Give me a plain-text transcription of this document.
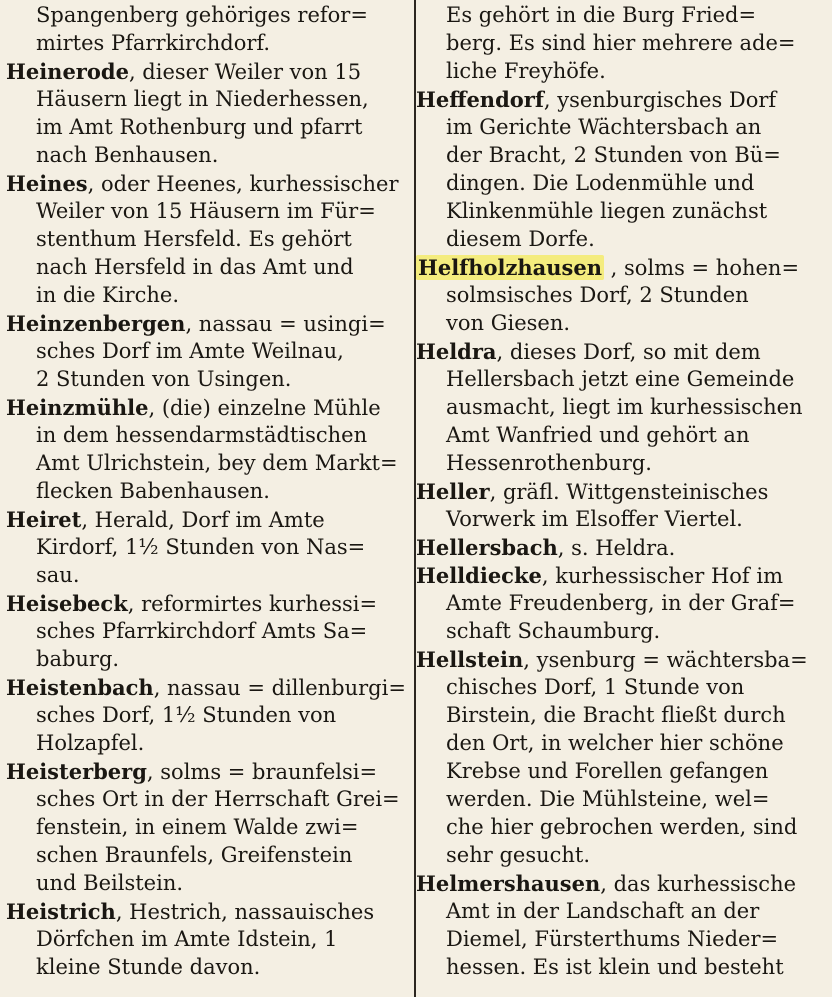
Spangenberg gehöriges refor=
mirtes Pfarrkirchdorf.
Heinerode, dieser Weiler von 15
Häusern liegt in Niederhessen,
im Amt Rothenburg und pfarrt
nach Benhausen.
Heines, oder Heenes, kurhessischer
Weiler von 15 Häusern im Für=
stenthum Hersfeld. Es gehört
nach Hersfeld in das Amt und
in die Kirche.
Heinzenbergen, nassau = usingi=
sches Dorf im Amte Weilnau,
2 Stunden von Usingen.
Heinzmühle, (die) einzelne Mühle
in dem hessendarmstädtischen
Amt Ulrichstein, bey dem Markt=
flecken Babenhausen.
Heiret, Herald, Dorf im Amte
Kirdorf, 1½ Stunden von Nas=
sau.
Heisebeck, reformirtes kurhessi=
sches Pfarrkirchdorf Amts Sa=
baburg.
Heistenbach, nassau = dillenburgi=
sches Dorf, 1½ Stunden von
Holzapfel.
Heisterberg, solms = braunfelsi=
sches Ort in der Herrschaft Grei=
fenstein, in einem Walde zwi=
schen Braunfels, Greifenstein
und Beilstein.
Heistrich, Hestrich, nassauisches
Dörfchen im Amte Idstein, 1
kleine Stunde davon.
Es gehört in die Burg Fried=
berg. Es sind hier mehrere ade=
liche Freyhöfe.
Heffendorf, ysenburgisches Dorf
im Gerichte Wächtersbach an
der Bracht, 2 Stunden von Bü=
dingen. Die Lodenmühle und
Klinkenmühle liegen zunächst
diesem Dorfe.
Helfholzhausen , solms = hohen=
solmsisches Dorf, 2 Stunden
von Giesen.
Heldra, dieses Dorf, so mit dem
Hellersbach jetzt eine Gemeinde
ausmacht, liegt im kurhessischen
Amt Wanfried und gehört an
Hessenrothenburg.
Heller, gräfl. Wittgensteinisches
Vorwerk im Elsoffer Viertel.
Hellersbach, s. Heldra.
Helldiecke, kurhessischer Hof im
Amte Freudenberg, in der Graf=
schaft Schaumburg.
Hellstein, ysenburg = wächtersba=
chisches Dorf, 1 Stunde von
Birstein, die Bracht fließt durch
den Ort, in welcher hier schöne
Krebse und Forellen gefangen
werden. Die Mühlsteine, wel=
che hier gebrochen werden, sind
sehr gesucht.
Helmershausen, das kurhessische
Amt in der Landschaft an der
Diemel, Fürsterthums Nieder=
hessen. Es ist klein und besteht
